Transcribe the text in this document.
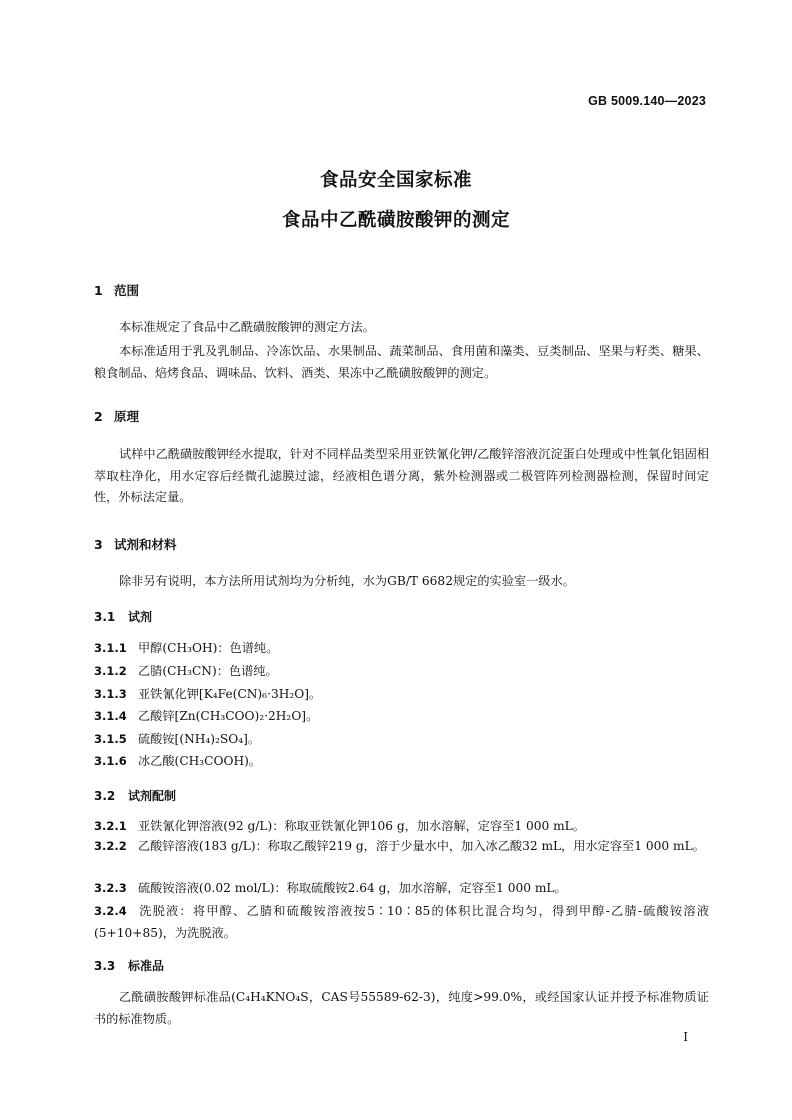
GB 5009.140—2023
食品安全国家标准
食品中乙酰磺胺酸钾的测定
1 范围
本标准规定了食品中乙酰磺胺酸钾的测定方法。
本标准适用于乳及乳制品、冷冻饮品、水果制品、蔬菜制品、食用菌和藻类、豆类制品、坚果与籽类、糖果、粮食制品、焙烤食品、调味品、饮料、酒类、果冻中乙酰磺胺酸钾的测定。
2 原理
试样中乙酰磺胺酸钾经水提取，针对不同样品类型采用亚铁氰化钾/乙酸锌溶液沉淀蛋白处理或中性氧化铝固相萃取柱净化，用水定容后经微孔滤膜过滤，经液相色谱分离，紫外检测器或二极管阵列检测器检测，保留时间定性，外标法定量。
3 试剂和材料
除非另有说明，本方法所用试剂均为分析纯，水为GB/T 6682规定的实验室一级水。
3.1 试剂
3.1.1 甲醇(CH₃OH)：色谱纯。
3.1.2 乙腈(CH₃CN)：色谱纯。
3.1.3 亚铁氰化钾[K₄Fe(CN)₆·3H₂O]。
3.1.4 乙酸锌[Zn(CH₃COO)₂·2H₂O]。
3.1.5 硫酸铵[(NH₄)₂SO₄]。
3.1.6 冰乙酸(CH₃COOH)。
3.2 试剂配制
3.2.1 亚铁氰化钾溶液(92 g/L)：称取亚铁氰化钾106 g，加水溶解，定容至1 000 mL。
3.2.2 乙酸锌溶液(183 g/L)：称取乙酸锌219 g，溶于少量水中，加入冰乙酸32 mL，用水定容至1 000 mL。
3.2.3 硫酸铵溶液(0.02 mol/L)：称取硫酸铵2.64 g，加水溶解，定容至1 000 mL。
3.2.4 洗脱液：将甲醇、乙腈和硫酸铵溶液按5∶10∶85的体积比混合均匀，得到甲醇-乙腈-硫酸铵溶液(5+10+85)，为洗脱液。
3.3 标准品
乙酰磺胺酸钾标准品(C₄H₄KNO₄S，CAS号55589-62-3)，纯度>99.0%，或经国家认证并授予标准物质证书的标准物质。
I
